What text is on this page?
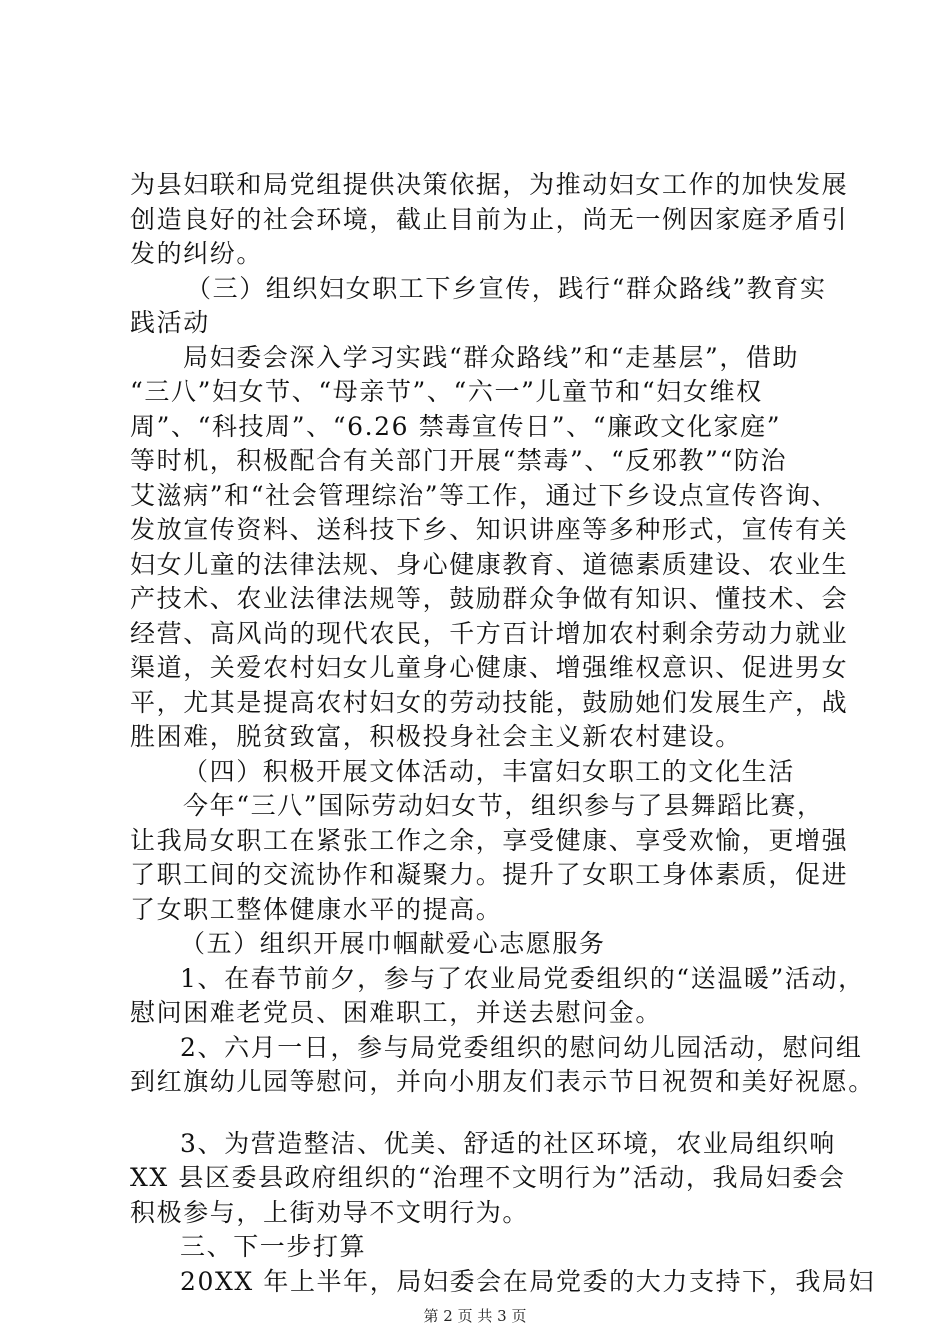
为县妇联和局党组提供决策依据，为推动妇女工作的加快发展
创造良好的社会环境，截止目前为止，尚无一例因家庭矛盾引
发的纠纷。
（三）组织妇女职工下乡宣传，践行“群众路线”教育实
践活动
局妇委会深入学习实践“群众路线”和“走基层”，借助
“三八”妇女节、“母亲节”、“六一”儿童节和“妇女维权
周”、“科技周”、“6.26 禁毒宣传日”、“廉政文化家庭”
等时机，积极配合有关部门开展“禁毒”、“反邪教”“防治
艾滋病”和“社会管理综治”等工作，通过下乡设点宣传咨询、
发放宣传资料、送科技下乡、知识讲座等多种形式，宣传有关
妇女儿童的法律法规、身心健康教育、道德素质建设、农业生
产技术、农业法律法规等，鼓励群众争做有知识、懂技术、会
经营、高风尚的现代农民，千方百计增加农村剩余劳动力就业
渠道，关爱农村妇女儿童身心健康、增强维权意识、促进男女
平，尤其是提高农村妇女的劳动技能，鼓励她们发展生产，战
胜困难，脱贫致富，积极投身社会主义新农村建设。
（四）积极开展文体活动，丰富妇女职工的文化生活
今年“三八”国际劳动妇女节，组织参与了县舞蹈比赛，
让我局女职工在紧张工作之余，享受健康、享受欢愉，更增强
了职工间的交流协作和凝聚力。提升了女职工身体素质，促进
了女职工整体健康水平的提高。
（五）组织开展巾帼献爱心志愿服务
1、在春节前夕，参与了农业局党委组织的“送温暖”活动，
慰问困难老党员、困难职工，并送去慰问金。
2、六月一日，参与局党委组织的慰问幼儿园活动，慰问组
到红旗幼儿园等慰问，并向小朋友们表示节日祝贺和美好祝愿。
3、为营造整洁、优美、舒适的社区环境，农业局组织响
XX 县区委县政府组织的“治理不文明行为”活动，我局妇委会
积极参与，上街劝导不文明行为。
三、下一步打算
20XX 年上半年，局妇委会在局党委的大力支持下，我局妇
第 2 页 共 3 页
